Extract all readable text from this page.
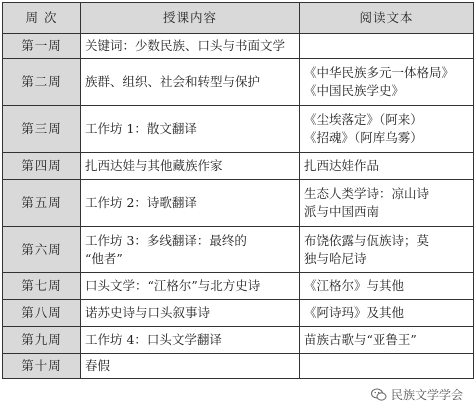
周 次	授课内容	阅读文本
第一周	关键词：少数民族、口头与书面文学	

第二周	族群、组织、社会和转型与保护	《中华民族多元一体格局》
《中国民族学史》

第三周	工作坊 1：散文翻译	《尘埃落定》（阿来）
《招魂》（阿库乌雾）

第四周	扎西达娃与其他藏族作家	扎西达娃作品

第五周	工作坊 2：诗歌翻译	生态人类学诗：凉山诗
派与中国西南

第六周	工作坊 3：多线翻译：最终的
“他者”	布饶依露与佤族诗；莫
独与哈尼诗

第七周	口头文学：“江格尔”与北方史诗	《江格尔》与其他

第八周	诺苏史诗与口头叙事诗	《阿诗玛》及其他

第九周	工作坊 4：口头文学翻译	苗族古歌与“亚鲁王”

第十周	春假	

民族文学学会
